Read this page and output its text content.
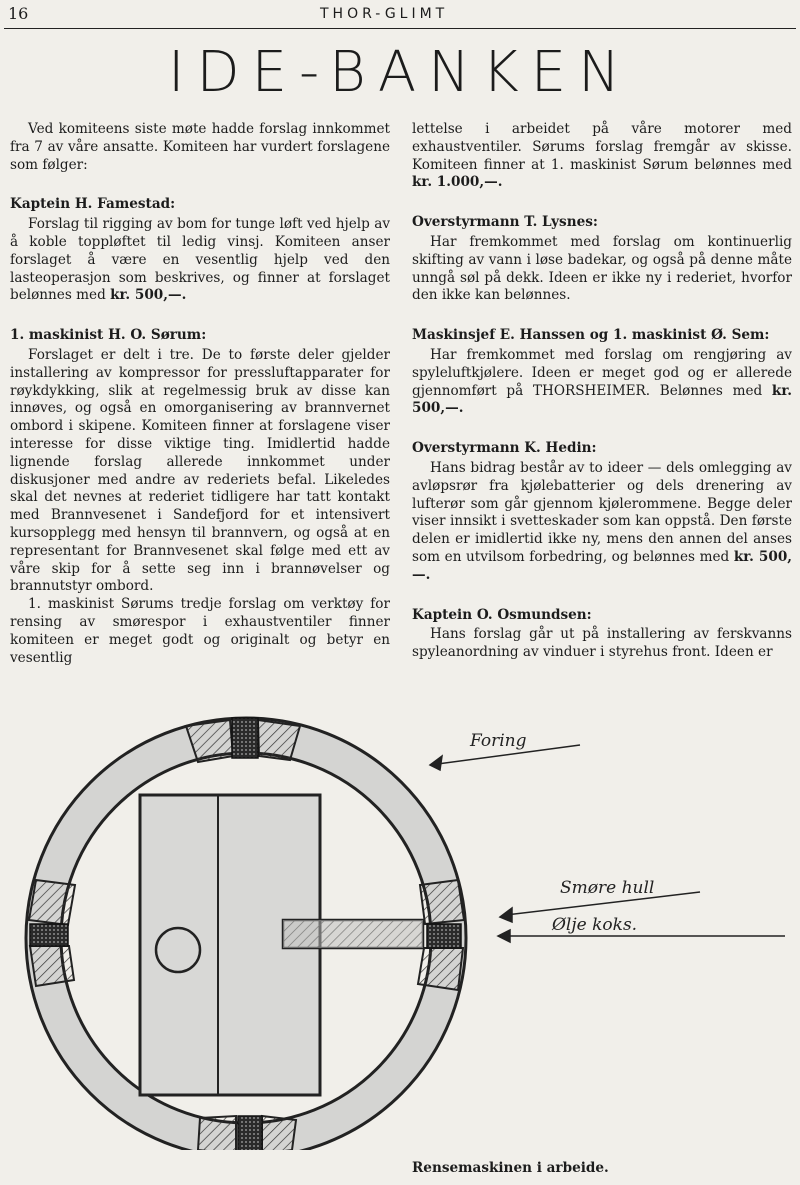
16	THOR-GLIMT
IDE-BANKEN

Ved komiteens siste møte hadde forslag innkommet fra 7 av våre ansatte. Komiteen har vurdert forslagene som følger:

Kaptein H. Famestad:

Forslag til rigging av bom for tunge løft ved hjelp av å koble toppløftet til ledig vinsj. Komiteen anser forslaget å være en vesentlig hjelp ved den lasteoperasjon som beskrives, og finner at forslaget belønnes med kr. 500,—.

1. maskinist H. O. Sørum:

Forslaget er delt i tre. De to første deler gjelder installering av kompressor for pressluftapparater for røykdykking, slik at regelmessig bruk av disse kan innøves, og også en omorganisering av brannvernet ombord i skipene. Komiteen finner at forslagene viser interesse for disse viktige ting. Imidlertid hadde lignende forslag allerede innkommet under diskusjoner med andre av rederiets befal. Likeledes skal det nevnes at rederiet tidligere har tatt kontakt med Brannvesenet i Sandefjord for et intensivert kursopplegg med hensyn til brannvern, og også at en representant for Brannvesenet skal følge med ett av våre skip for å sette seg inn i brannøvelser og brannutstyr ombord.

1. maskinist Sørums tredje forslag om verktøy for rensing av smørespor i exhaustventiler finner komiteen er meget godt og originalt og betyr en vesentlig

lettelse i arbeidet på våre motorer med exhaustventiler. Sørums forslag fremgår av skisse. Komiteen finner at 1. maskinist Sørum belønnes med kr. 1.000,—.

Overstyrmann T. Lysnes:

Har fremkommet med forslag om kontinuerlig skifting av vann i løse badekar, og også på denne måte unngå søl på dekk. Ideen er ikke ny i rederiet, hvorfor den ikke kan belønnes.

Maskinsjef E. Hanssen og 1. maskinist Ø. Sem:

Har fremkommet med forslag om rengjøring av spyleluftkjølere. Ideen er meget god og er allerede gjennomført på THORSHEIMER. Belønnes med kr. 500,—.

Overstyrmann K. Hedin:

Hans bidrag består av to ideer — dels omlegging av avløpsrør fra kjølebatterier og dels drenering av lufterør som går gjennom kjølerommene. Begge deler viser innsikt i svetteskader som kan oppstå. Den første delen er imidlertid ikke ny, mens den annen del anses som en utvilsom forbedring, og belønnes med kr. 500,—.

Kaptein O. Osmundsen:

Hans forslag går ut på installering av ferskvanns spyleanordning av vinduer i styrehus front. Ideen er

Foring
Smøre hull
Ølje koks.
Rensemaskinen i arbeide.
